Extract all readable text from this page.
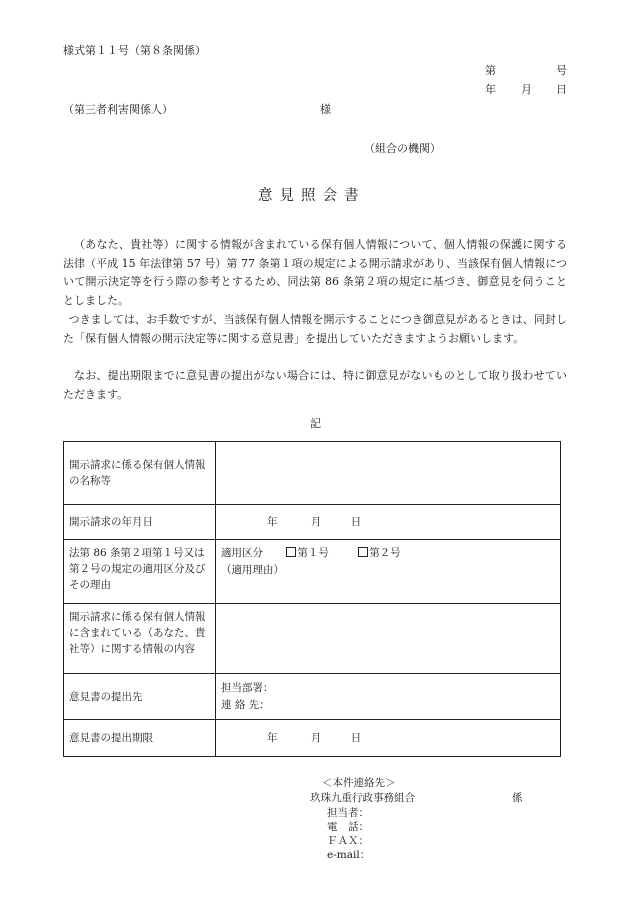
様式第１１号（第８条関係）
第	号
年 月 日
（第三者利害関係人）	様
（組合の機関）
意見照会書

（あなた、貴社等）に関する情報が含まれている保有個人情報について、個人情報の保護に関する法律（平成 15 年法律第 57 号）第 77 条第１項の規定による開示請求があり、当該保有個人情報について開示決定等を行う際の参考とするため、同法第 86 条第２項の規定に基づき、御意見を伺うこととしました。

つきましては、お手数ですが、当該保有個人情報を開示することにつき御意見があるときは、同封した「保有個人情報の開示決定等に関する意見書」を提出していただきますようお願いします。

なお、提出期限までに意見書の提出がない場合には、特に御意見がないものとして取り扱わせていただきます。

記
開示請求に係る保有個人情報の名称等	
開示請求の年月日	年 月 日
法第 86 条第２項第１号又は第２号の規定の適用区分及びその理由	適用区分 第１号 第２号
（適用理由）

開示請求に係る保有個人情報に含まれている（あなた、貴社等）に関する情報の内容	
意見書の提出先	担当部署：
連 絡 先：

意見書の提出期限	年 月 日
＜本件連絡先＞
玖珠九重行政事務組合	係
担当者：
電　話：
ＦＡＸ：
e-mail：
